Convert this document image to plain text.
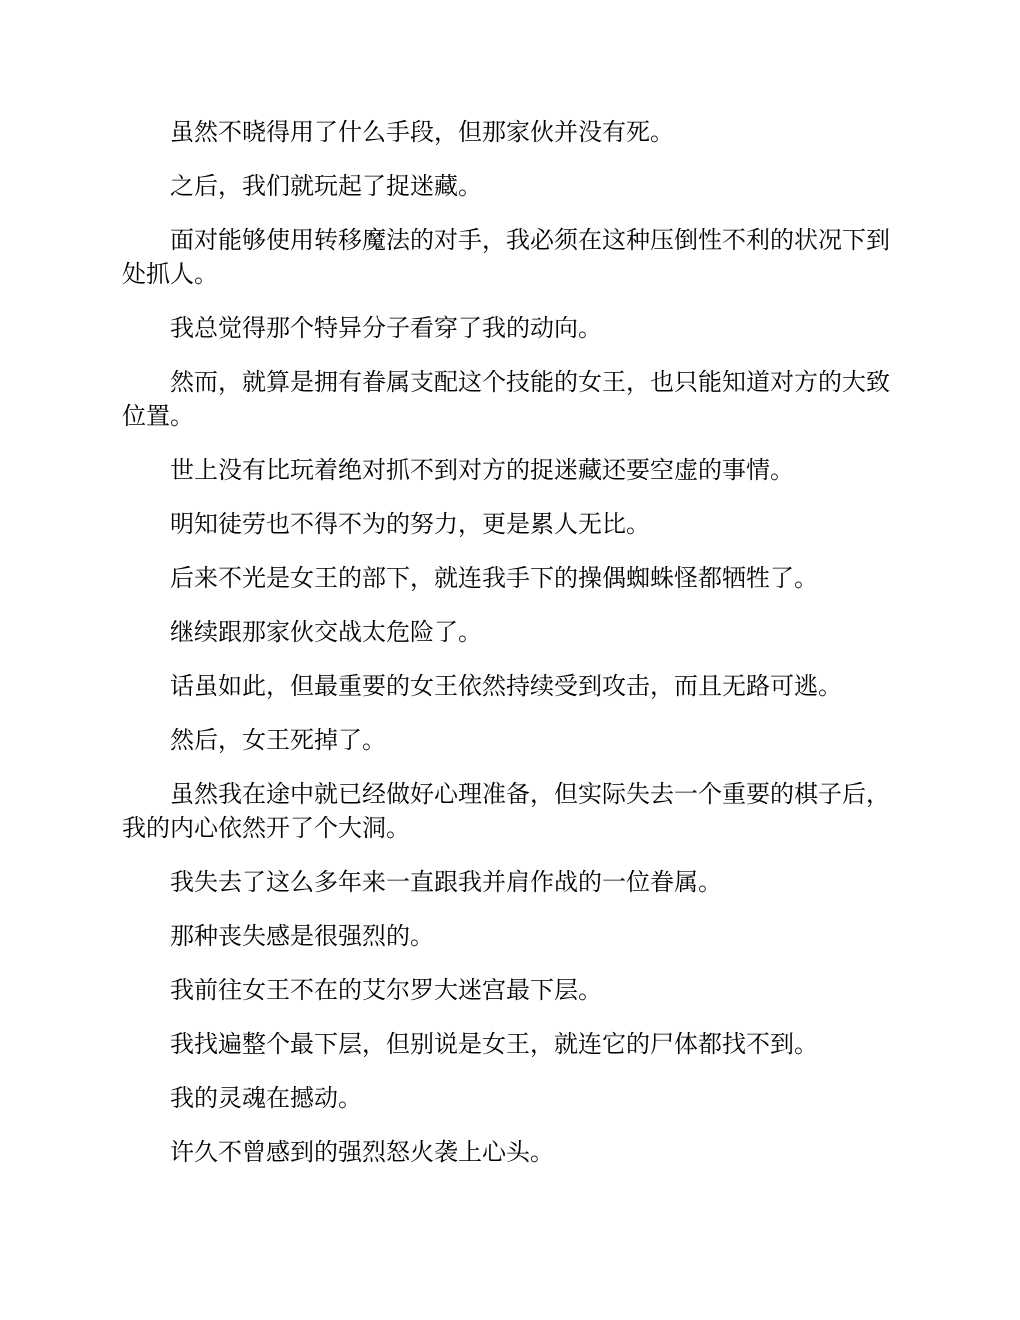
虽然不晓得用了什么手段，但那家伙并没有死。

之后，我们就玩起了捉迷藏。

面对能够使用转移魔法的对手，我必须在这种压倒性不利的状况下到处抓人。

我总觉得那个特异分子看穿了我的动向。

然而，就算是拥有眷属支配这个技能的女王，也只能知道对方的大致位置。

世上没有比玩着绝对抓不到对方的捉迷藏还要空虚的事情。

明知徒劳也不得不为的努力，更是累人无比。

后来不光是女王的部下，就连我手下的操偶蜘蛛怪都牺牲了。

继续跟那家伙交战太危险了。

话虽如此，但最重要的女王依然持续受到攻击，而且无路可逃。

然后，女王死掉了。

虽然我在途中就已经做好心理准备，但实际失去一个重要的棋子后，我的内心依然开了个大洞。

我失去了这么多年来一直跟我并肩作战的一位眷属。

那种丧失感是很强烈的。

我前往女王不在的艾尔罗大迷宫最下层。

我找遍整个最下层，但别说是女王，就连它的尸体都找不到。

我的灵魂在撼动。

许久不曾感到的强烈怒火袭上心头。
